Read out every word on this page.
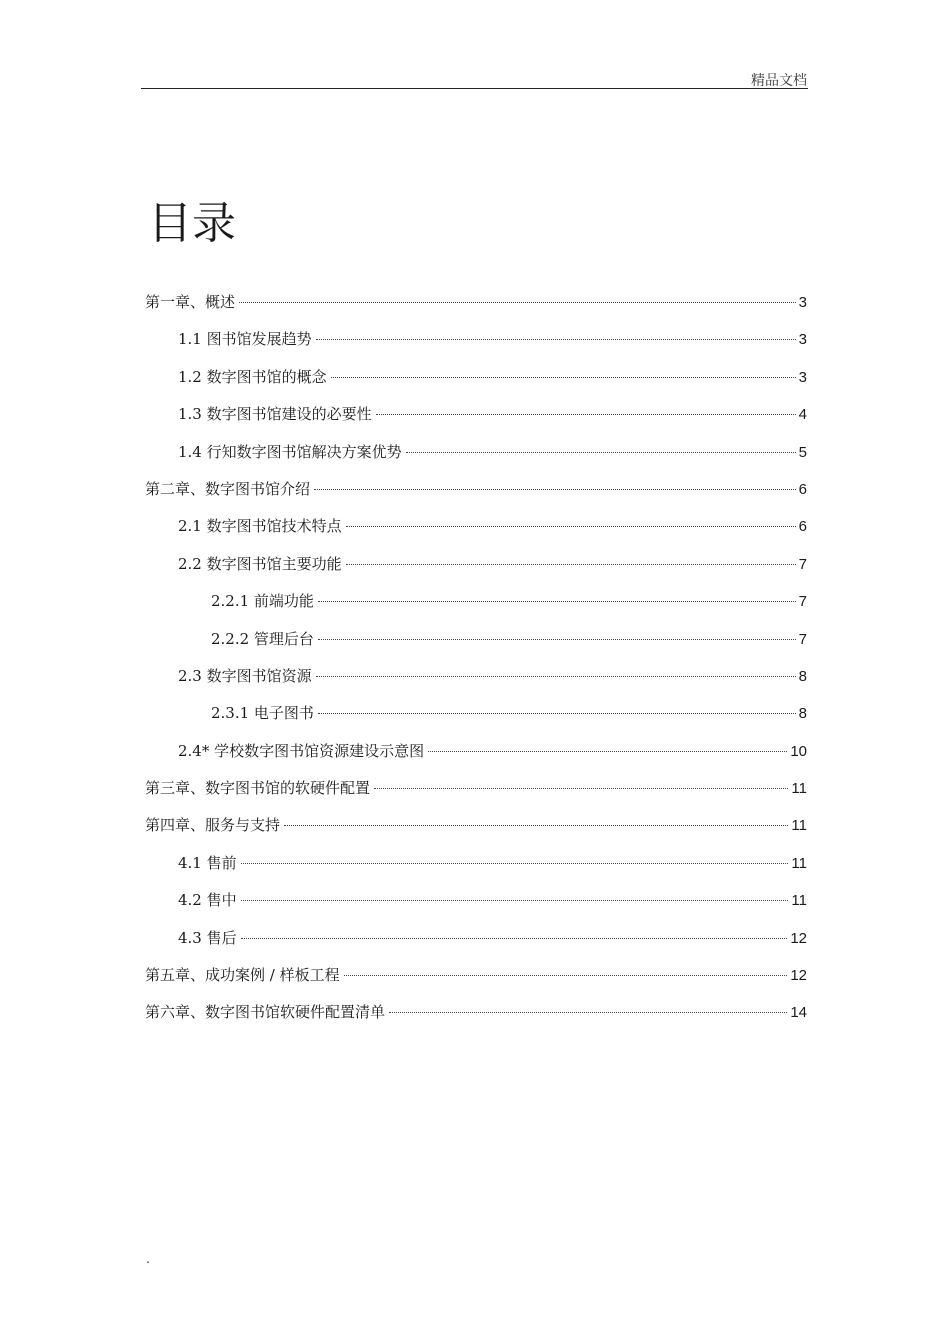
精品文档
目录
第一章、概述	3
1.1 图书馆发展趋势	3
1.2 数字图书馆的概念	3
1.3 数字图书馆建设的必要性	4
1.4 行知数字图书馆解决方案优势	5
第二章、数字图书馆介绍	6
2.1 数字图书馆技术特点	6
2.2 数字图书馆主要功能	7
2.2.1 前端功能	7
2.2.2 管理后台	7
2.3 数字图书馆资源	8
2.3.1 电子图书	8
2.4* 学校数字图书馆资源建设示意图	10
第三章、数字图书馆的软硬件配置	11
第四章、服务与支持	11
4.1 售前	11
4.2 售中	11
4.3 售后	12
第五章、成功案例 / 样板工程	12
第六章、数字图书馆软硬件配置清单	14
.
